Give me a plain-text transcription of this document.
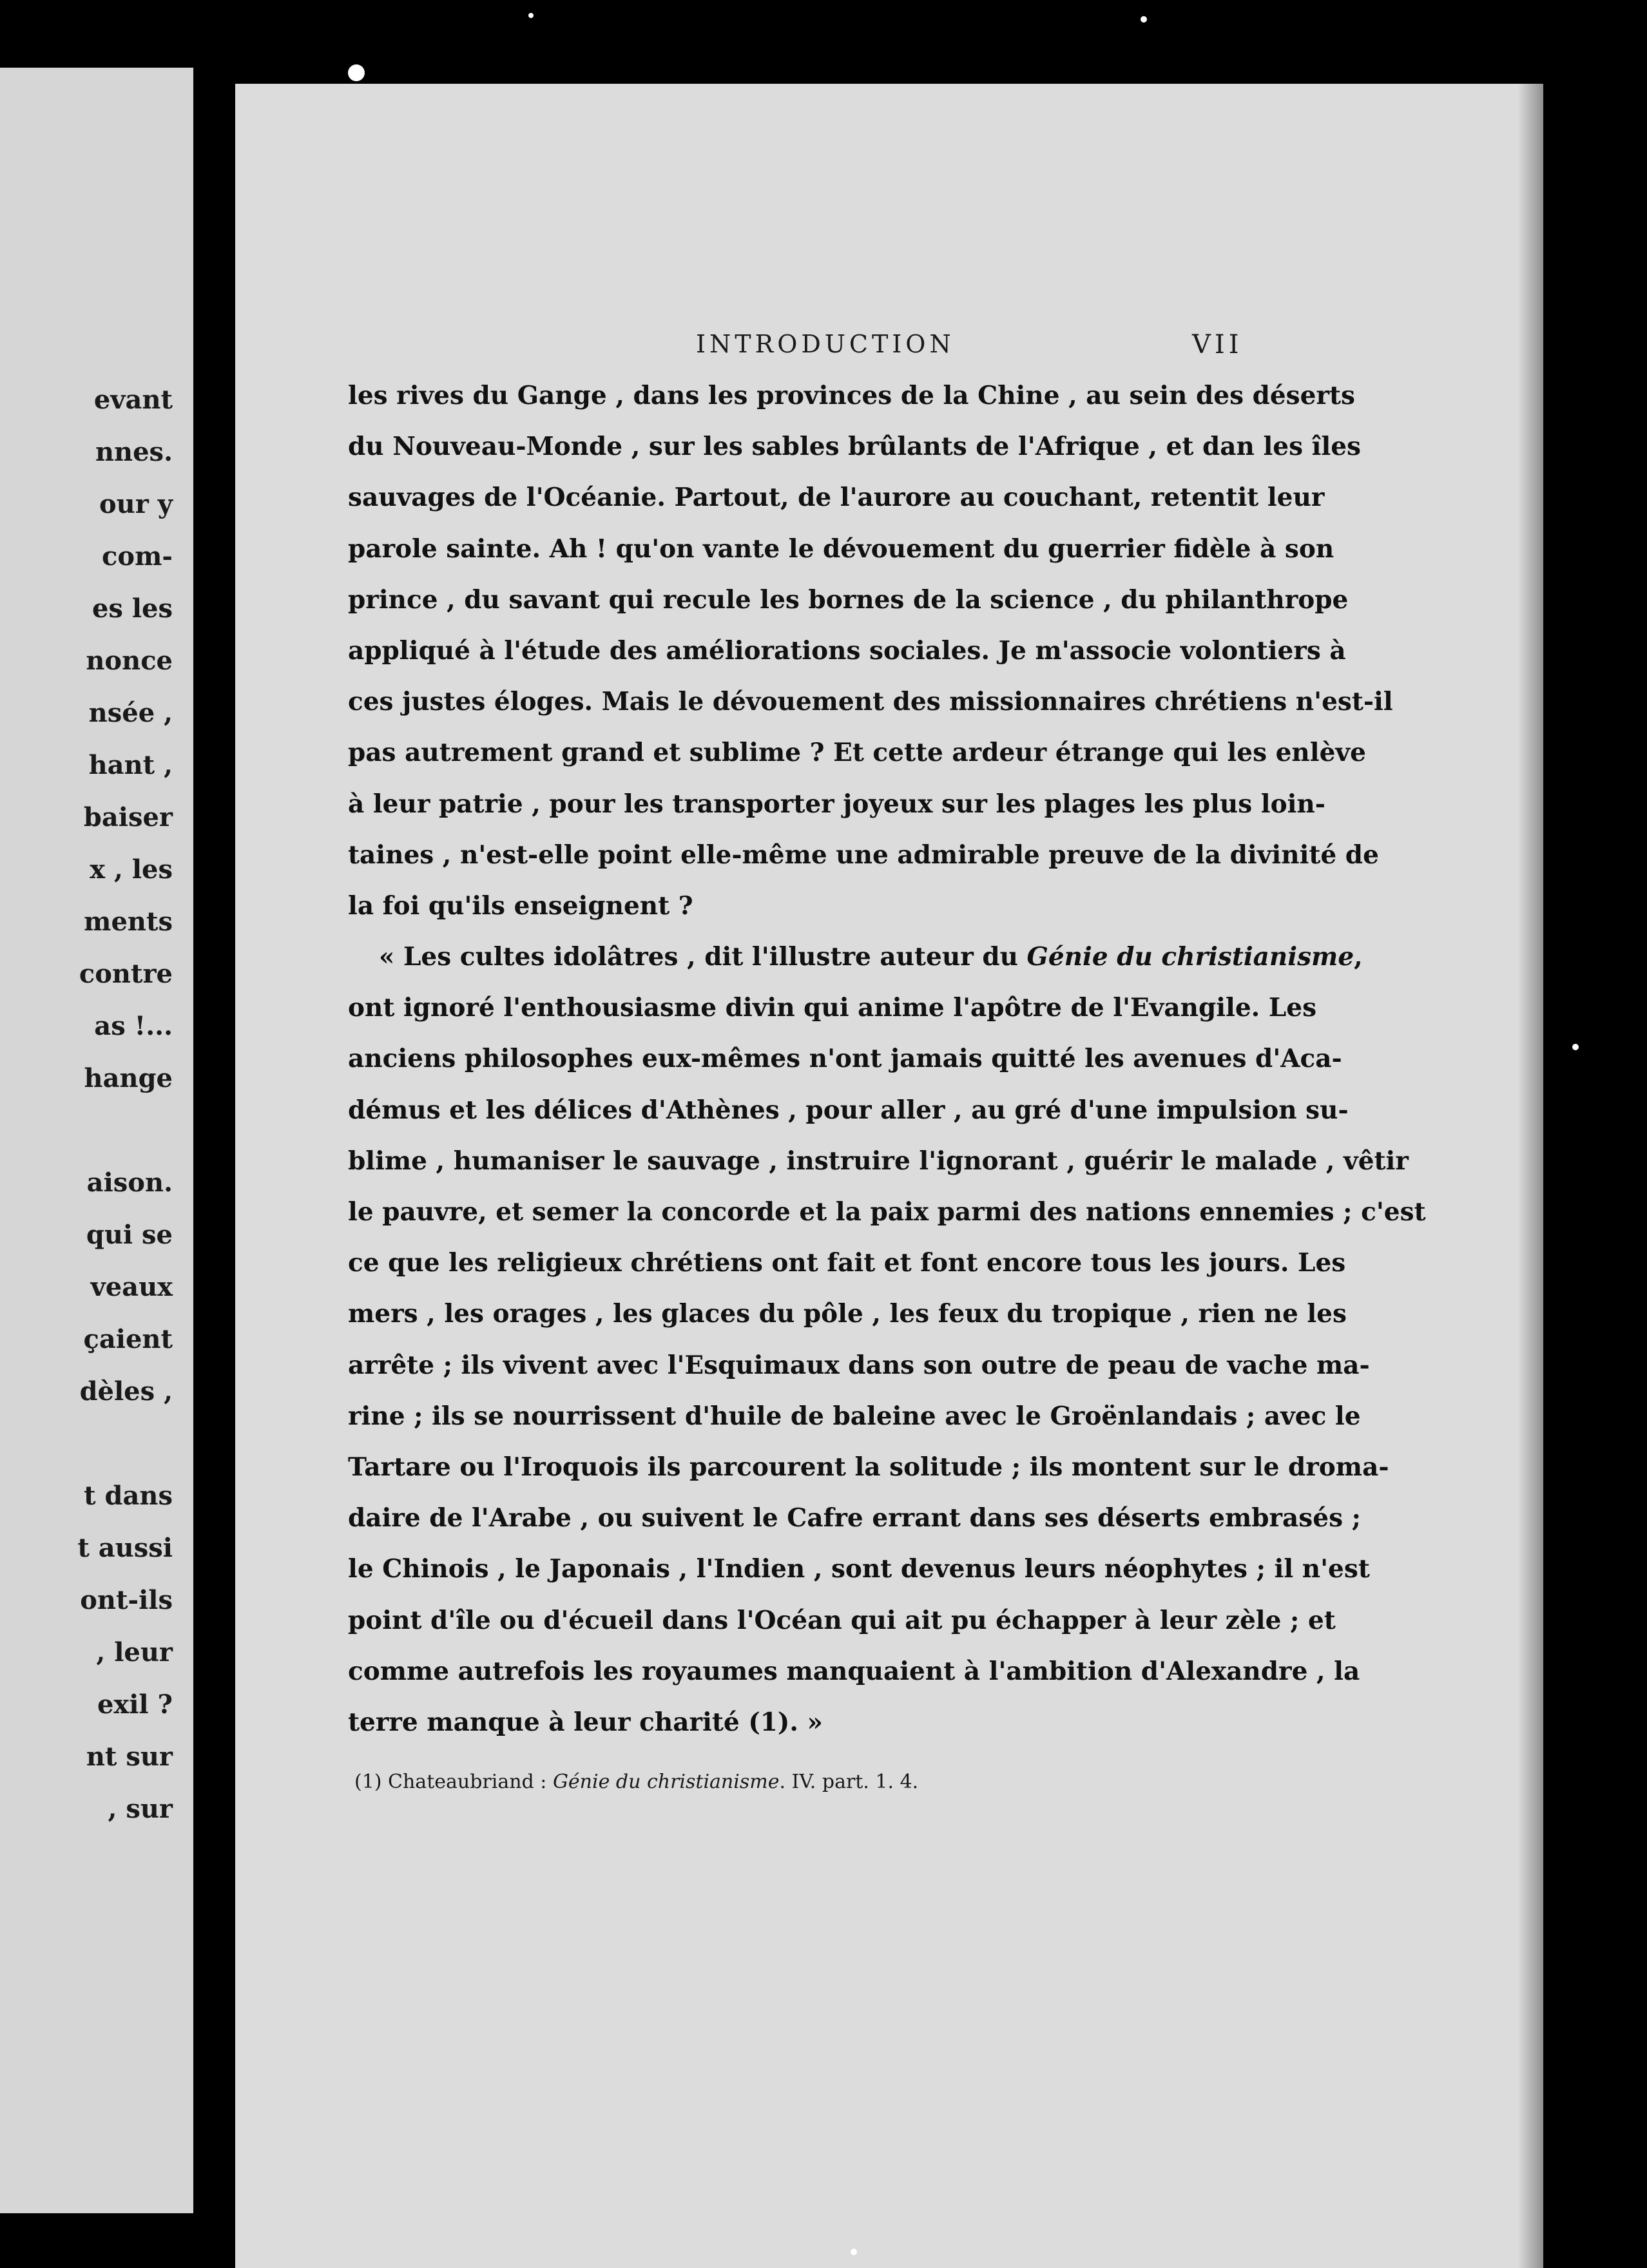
evant
nnes.
our y
com-
es les
nonce
nsée ,
hant ,
baiser
x , les
ments
contre
as !...
hange
aison.
qui se
veaux
çaient
dèles ,
t dans
t aussi
ont-ils
, leur
exil ?
nt sur
, sur
INTRODUCTION	VII
les rives du Gange , dans les provinces de la Chine , au sein des déserts
du Nouveau-Monde , sur les sables brûlants de l'Afrique , et dan les îles
sauvages de l'Océanie. Partout, de l'aurore au couchant, retentit leur
parole sainte. Ah ! qu'on vante le dévouement du guerrier fidèle à son
prince , du savant qui recule les bornes de la science , du philanthrope
appliqué à l'étude des améliorations sociales. Je m'associe volontiers à
ces justes éloges. Mais le dévouement des missionnaires chrétiens n'est-il
pas autrement grand et sublime ? Et cette ardeur étrange qui les enlève
à leur patrie , pour les transporter joyeux sur les plages les plus loin-
taines , n'est-elle point elle-même une admirable preuve de la divinité de
la foi qu'ils enseignent ?
« Les cultes idolâtres , dit l'illustre auteur du Génie du christianisme,
ont ignoré l'enthousiasme divin qui anime l'apôtre de l'Evangile. Les
anciens philosophes eux-mêmes n'ont jamais quitté les avenues d'Aca-
démus et les délices d'Athènes , pour aller , au gré d'une impulsion su-
blime , humaniser le sauvage , instruire l'ignorant , guérir le malade , vêtir
le pauvre, et semer la concorde et la paix parmi des nations ennemies ; c'est
ce que les religieux chrétiens ont fait et font encore tous les jours. Les
mers , les orages , les glaces du pôle , les feux du tropique , rien ne les
arrête ; ils vivent avec l'Esquimaux dans son outre de peau de vache ma-
rine ; ils se nourrissent d'huile de baleine avec le Groënlandais ; avec le
Tartare ou l'Iroquois ils parcourent la solitude ; ils montent sur le droma-
daire de l'Arabe , ou suivent le Cafre errant dans ses déserts embrasés ;
le Chinois , le Japonais , l'Indien , sont devenus leurs néophytes ; il n'est
point d'île ou d'écueil dans l'Océan qui ait pu échapper à leur zèle ; et
comme autrefois les royaumes manquaient à l'ambition d'Alexandre , la
terre manque à leur charité (1). »
(1) Chateaubriand : Génie du christianisme. IV. part. 1. 4.
